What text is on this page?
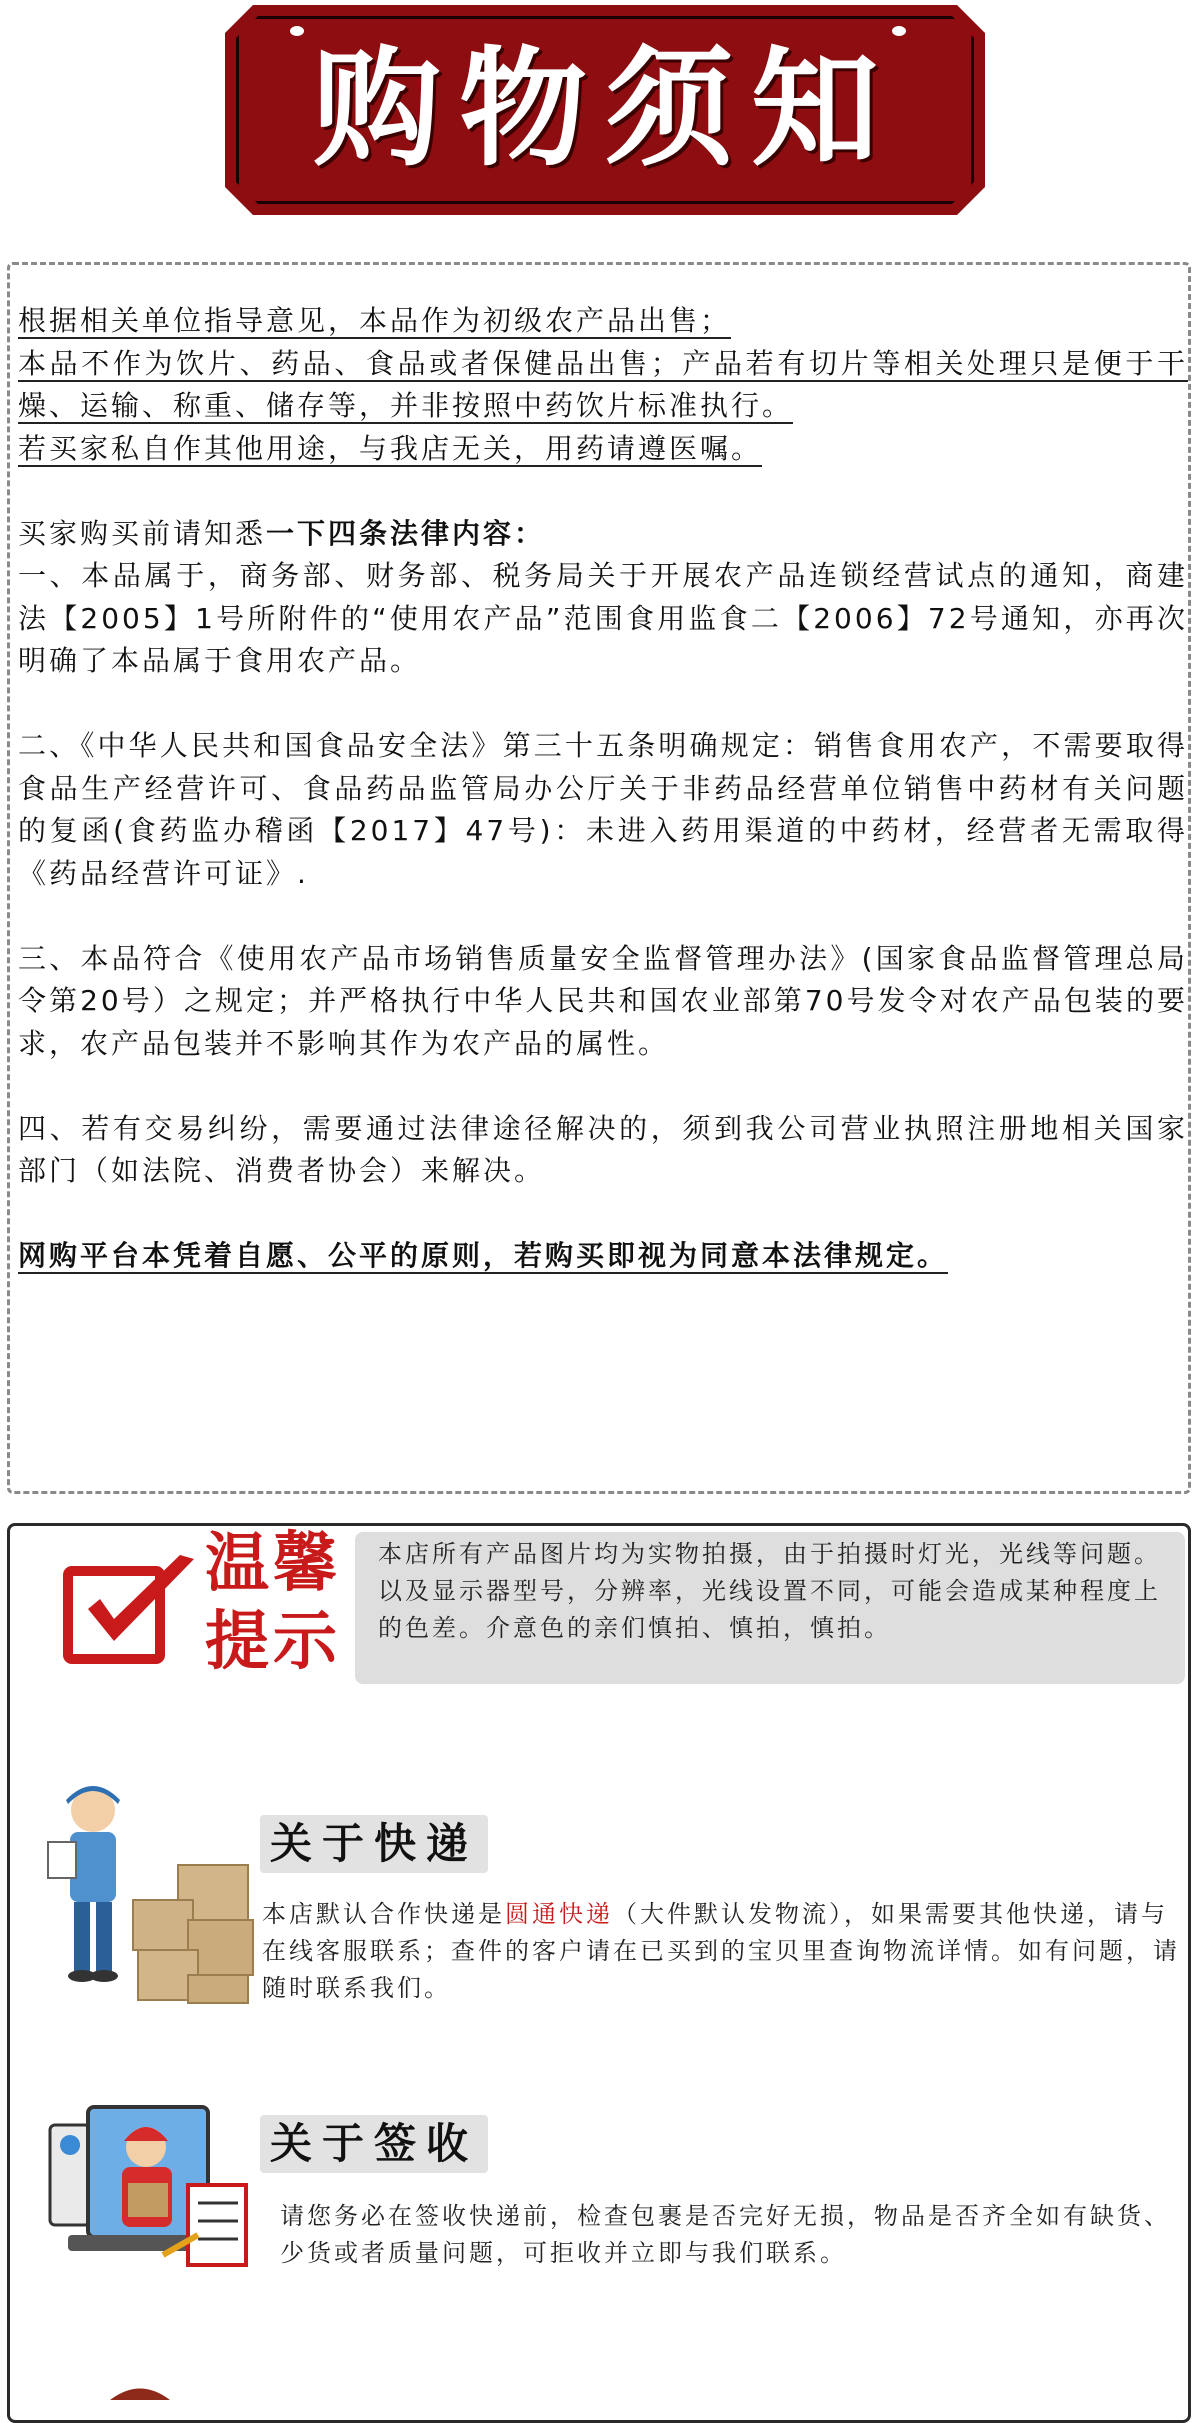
购物须知

根据相关单位指导意见，本品作为初级农产品出售；

本品不作为饮片、药品、食品或者保健品出售；产品若有切片等相关处理只是便于干燥、运输、称重、储存等，并非按照中药饮片标准执行。

若买家私自作其他用途，与我店无关，用药请遵医嘱。

买家购买前请知悉一下四条法律内容：

一、本品属于，商务部、财务部、税务局关于开展农产品连锁经营试点的通知，商建法【2005】1号所附件的“使用农产品”范围食用监食二【2006】72号通知，亦再次明确了本品属于食用农产品。

二、《中华人民共和国食品安全法》第三十五条明确规定：销售食用农产，不需要取得食品生产经营许可、食品药品监管局办公厅关于非药品经营单位销售中药材有关问题的复函(食药监办稽函【2017】47号)：未进入药用渠道的中药材，经营者无需取得《药品经营许可证》.

三、本品符合《使用农产品市场销售质量安全监督管理办法》(国家食品监督管理总局令第20号）之规定；并严格执行中华人民共和国农业部第70号发令对农产品包装的要求，农产品包装并不影响其作为农产品的属性。

四、若有交易纠纷，需要通过法律途径解决的，须到我公司营业执照注册地相关国家部门（如法院、消费者协会）来解决。

网购平台本凭着自愿、公平的原则，若购买即视为同意本法律规定。

温馨
提示
本店所有产品图片均为实物拍摄，由于拍摄时灯光，光线等问题。以及显示器型号，分辨率，光线设置不同，可能会造成某种程度上的色差。介意色的亲们慎拍、慎拍，慎拍。
关于快递
本店默认合作快递是圆通快递（大件默认发物流），如果需要其他快递，请与在线客服联系；查件的客户请在已买到的宝贝里查询物流详情。如有问题，请随时联系我们。
关于签收
请您务必在签收快递前，检查包裹是否完好无损，物品是否齐全如有缺货、少货或者质量问题，可拒收并立即与我们联系。
